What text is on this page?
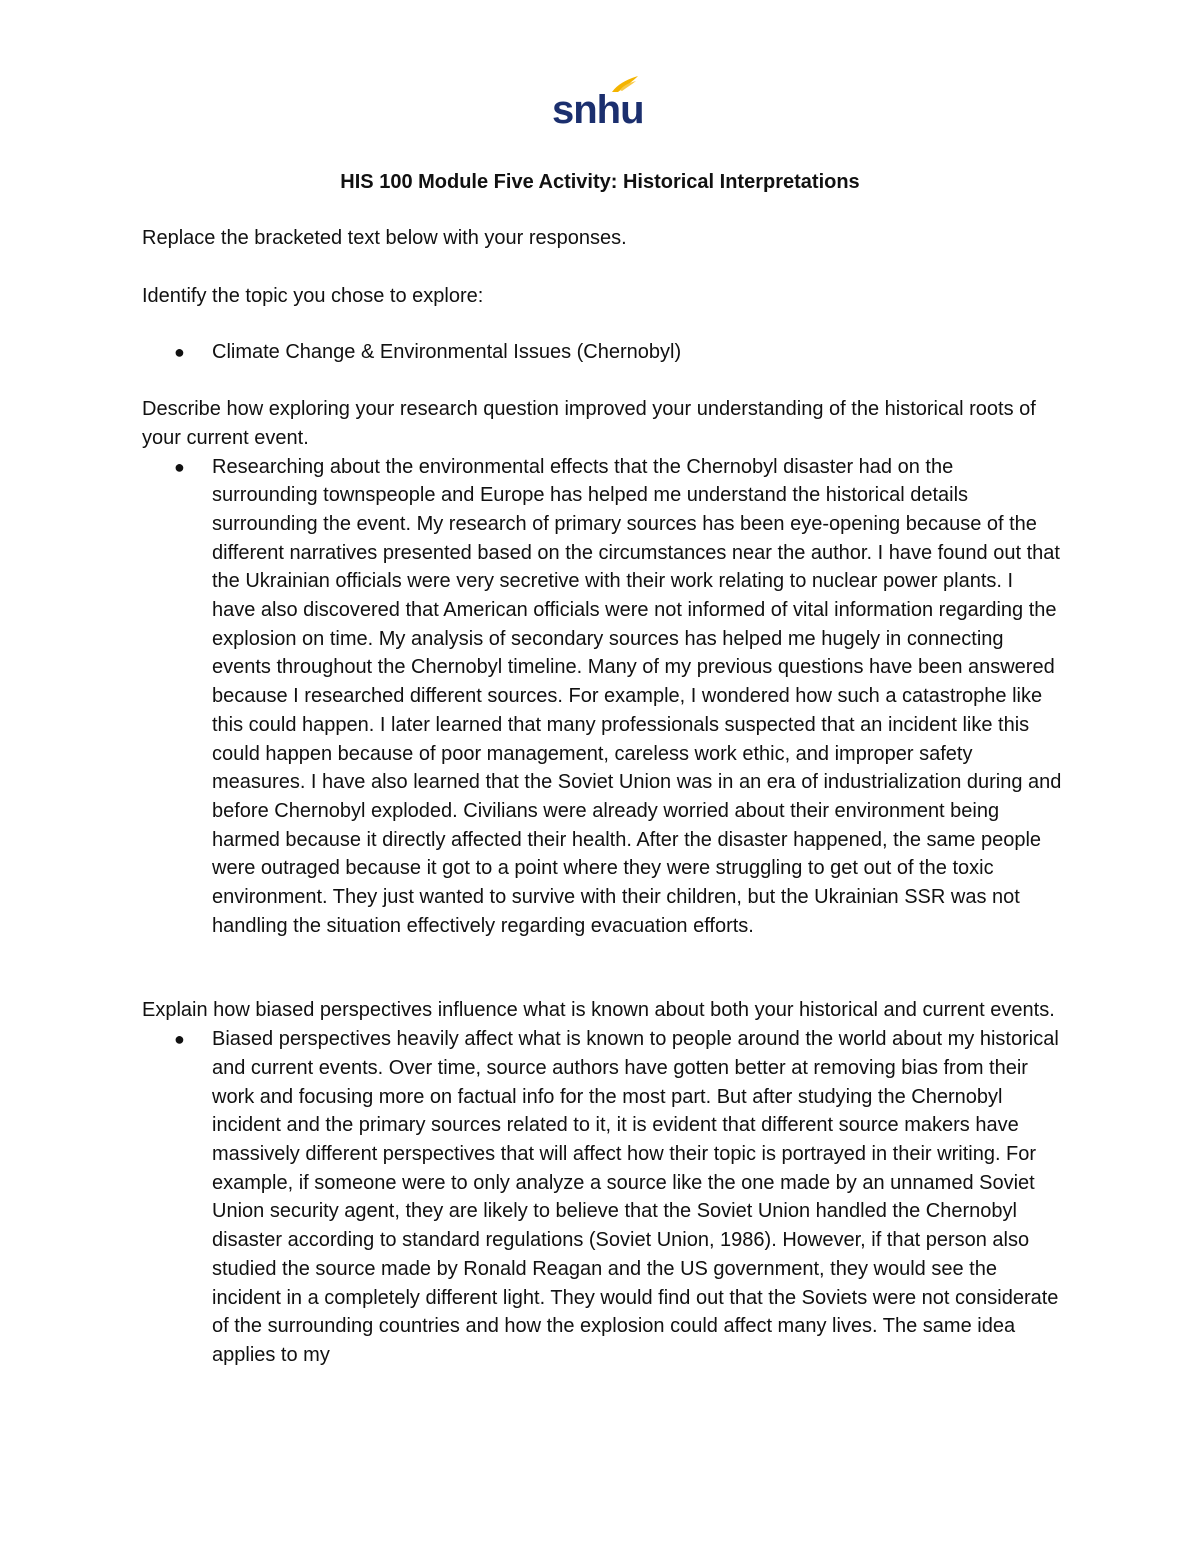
snhu
HIS 100 Module Five Activity: Historical Interpretations

Replace the bracketed text below with your responses.

Identify the topic you chose to explore:

● Climate Change & Environmental Issues (Chernobyl)

Describe how exploring your research question improved your understanding of the historical roots of your current event.

● Researching about the environmental effects that the Chernobyl disaster had on the surrounding townspeople and Europe has helped me understand the historical details surrounding the event. My research of primary sources has been eye-opening because of the different narratives presented based on the circumstances near the author. I have found out that the Ukrainian officials were very secretive with their work relating to nuclear power plants. I have also discovered that American officials were not informed of vital information regarding the explosion on time. My analysis of secondary sources has helped me hugely in connecting events throughout the Chernobyl timeline. Many of my previous questions have been answered because I researched different sources. For example, I wondered how such a catastrophe like this could happen. I later learned that many professionals suspected that an incident like this could happen because of poor management, careless work ethic, and improper safety measures. I have also learned that the Soviet Union was in an era of industrialization during and before Chernobyl exploded. Civilians were already worried about their environment being harmed because it directly affected their health. After the disaster happened, the same people were outraged because it got to a point where they were struggling to get out of the toxic environment. They just wanted to survive with their children, but the Ukrainian SSR was not handling the situation effectively regarding evacuation efforts.

Explain how biased perspectives influence what is known about both your historical and current events.

● Biased perspectives heavily affect what is known to people around the world about my historical and current events. Over time, source authors have gotten better at removing bias from their work and focusing more on factual info for the most part. But after studying the Chernobyl incident and the primary sources related to it, it is evident that different source makers have massively different perspectives that will affect how their topic is portrayed in their writing. For example, if someone were to only analyze a source like the one made by an unnamed Soviet Union security agent, they are likely to believe that the Soviet Union handled the Chernobyl disaster according to standard regulations (Soviet Union, 1986). However, if that person also studied the source made by Ronald Reagan and the US government, they would see the incident in a completely different light. They would find out that the Soviets were not considerate of the surrounding countries and how the explosion could affect many lives. The same idea applies to my
